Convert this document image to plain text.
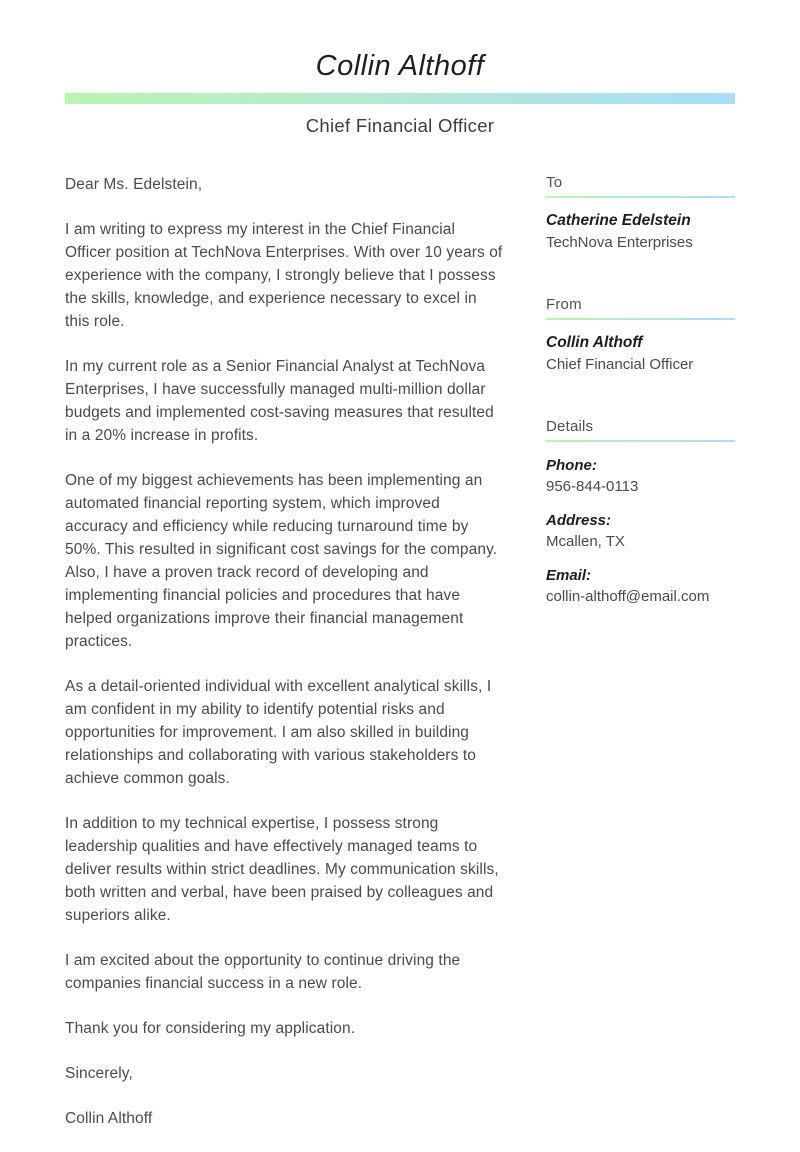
Collin Althoff
Chief Financial Officer

Dear Ms. Edelstein,

I am writing to express my interest in the Chief Financial Officer position at TechNova Enterprises. With over 10 years of experience with the company, I strongly believe that I possess the skills, knowledge, and experience necessary to excel in this role.

In my current role as a Senior Financial Analyst at TechNova Enterprises, I have successfully managed multi-million dollar budgets and implemented cost-saving measures that resulted in a 20% increase in profits.

One of my biggest achievements has been implementing an automated financial reporting system, which improved accuracy and efficiency while reducing turnaround time by 50%. This resulted in significant cost savings for the company. Also, I have a proven track record of developing and implementing financial policies and procedures that have helped organizations improve their financial management practices.

As a detail-oriented individual with excellent analytical skills, I am confident in my ability to identify potential risks and opportunities for improvement. I am also skilled in building relationships and collaborating with various stakeholders to achieve common goals.

In addition to my technical expertise, I possess strong leadership qualities and have effectively managed teams to deliver results within strict deadlines. My communication skills, both written and verbal, have been praised by colleagues and superiors alike.

I am excited about the opportunity to continue driving the companies financial success in a new role.

Thank you for considering my application.

Sincerely,

Collin Althoff

To
Catherine Edelstein
TechNova Enterprises
From
Collin Althoff
Chief Financial Officer
Details
Phone:
956-844-0113
Address:
Mcallen, TX
Email:
collin-althoff@email.com
